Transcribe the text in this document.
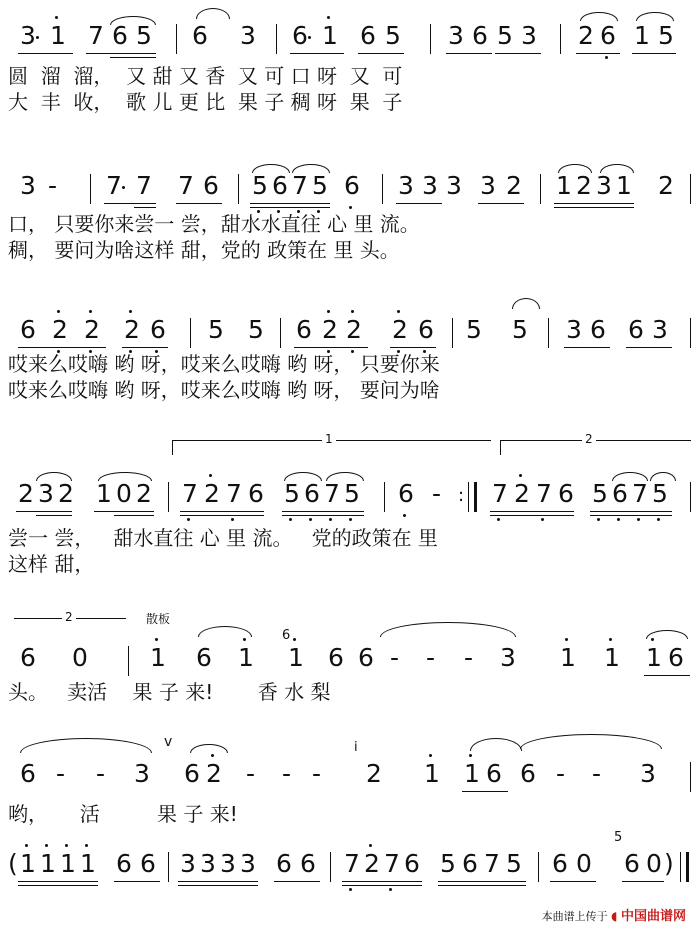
3 1 7 6 5 6 3 6 1 6 5 3 6 5 3 2 6 1 5
圆  溜  溜，  又 甜 又 香  又 可 口 呀  又  可
大  丰  收，  歌 儿 更 比  果 子 稠 呀  果  子
3 - 7 7 7 6 5 6 7 5 6 3 3 3 3 2 1 2 3 1 2
口， 只要你来尝一 尝，甜水水直往 心 里 流。
稠， 要问为啥这样 甜，党的 政策在 里 头。
6 2 2 2 6 5 5 6 2 2 2 6 5 5 3 6 6 3
哎来么哎嗨 哟 呀，哎来么哎嗨 哟 呀， 只要你来
哎来么哎嗨 哟 呀，哎来么哎嗨 哟 呀， 要问为啥
1	2
2 3 2 1 0 2 7 2 7 6 5 6 7 5 6 - : 7 2 7 6 5 6 7 5
尝一 尝，   甜水直往 心 里 流。   党的政策在 里
这样 甜，
2	散板
6 0 1 6 1
6
1 6 6 - - - 3 1 1 1 6
头。   卖活    果 子 来!       香 水 梨
v
6 - - 3 6 2 - - -
i
2 1 1 6 6 - - 3
哟，     活         果 子 来!
( 1 1 1 1 6 6 3 3 3 3 6 6 7 2 7 6 5 6 7 5 6 0
5
6 0 )
本曲谱上传于 ◖ 中国曲谱网
